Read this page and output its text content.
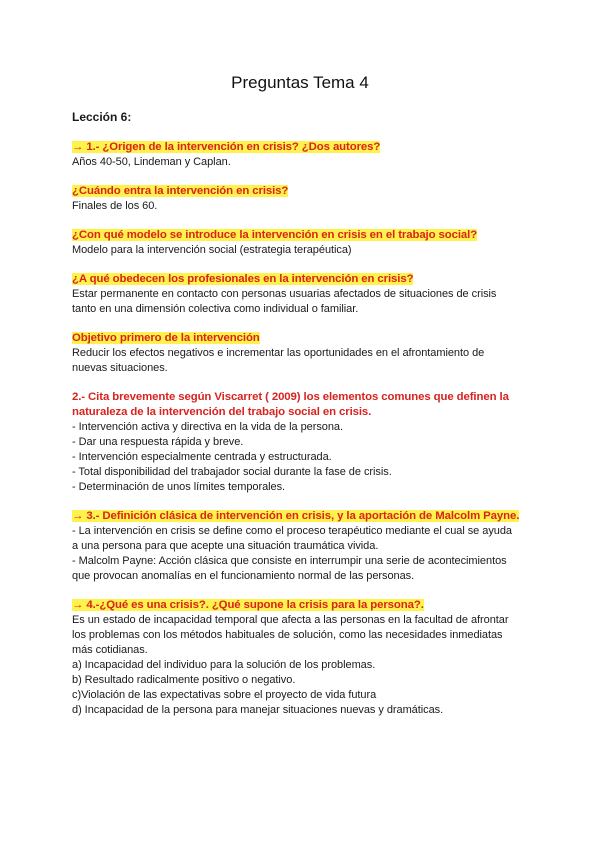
Preguntas Tema 4
Lección 6:

→ 1.- ¿Origen de la intervención en crisis? ¿Dos autores?

Años 40-50, Lindeman y Caplan.

¿Cuándo entra la intervención en crisis?

Finales de los 60.

¿Con qué modelo se introduce la intervención en crisis en el trabajo social?

Modelo para la intervención social (estrategia terapéutica)

¿A qué obedecen los profesionales en la intervención en crisis?

Estar permanente en contacto con personas usuarias afectados de situaciones de crisis

tanto en una dimensión colectiva como individual o familiar.

Objetivo primero de la intervención

Reducir los efectos negativos e incrementar las oportunidades en el afrontamiento de

nuevas situaciones.

2.- Cita brevemente según Viscarret ( 2009) los elementos comunes que definen la

naturaleza de la intervención del trabajo social en crisis.

- Intervención activa y directiva en la vida de la persona.

- Dar una respuesta rápida y breve.

- Intervención especialmente centrada y estructurada.

- Total disponibilidad del trabajador social durante la fase de crisis.

- Determinación de unos límites temporales.

→ 3.- Definición clásica de intervención en crisis, y la aportación de Malcolm Payne.

- La intervención en crisis se define como el proceso terapéutico mediante el cual se ayuda

a una persona para que acepte una situación traumática vivida.

- Malcolm Payne: Acción clásica que consiste en interrumpir una serie de acontecimientos

que provocan anomalías en el funcionamiento normal de las personas.

→ 4.-¿Qué es una crisis?. ¿Qué supone la crisis para la persona?.

Es un estado de incapacidad temporal que afecta a las personas en la facultad de afrontar

los problemas con los métodos habituales de solución, como las necesidades inmediatas

más cotidianas.

a) Incapacidad del individuo para la solución de los problemas.

b) Resultado radicalmente positivo o negativo.

c)Violación de las expectativas sobre el proyecto de vida futura

d) Incapacidad de la persona para manejar situaciones nuevas y dramáticas.
